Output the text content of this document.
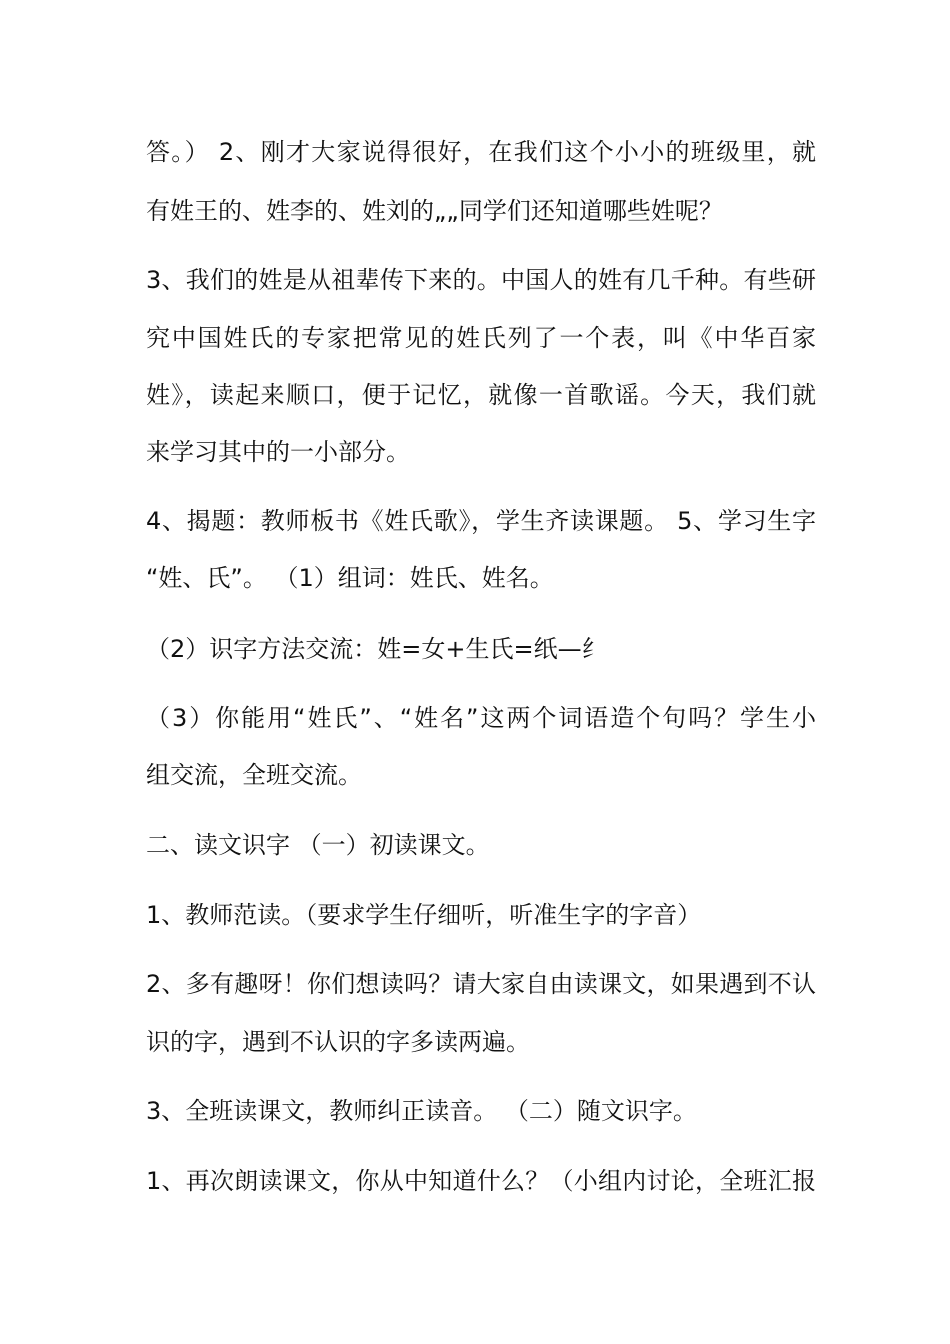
答。） 2、刚才大家说得很好，在我们这个小小的班级里，就
有姓王的、姓李的、姓刘的„„同学们还知道哪些姓呢？
3、我们的姓是从祖辈传下来的。中国人的姓有几千种。有些研
究中国姓氏的专家把常见的姓氏列了一个表，叫《中华百家
姓》，读起来顺口，便于记忆，就像一首歌谣。今天，我们就
来学习其中的一小部分。
4、揭题：教师板书《姓氏歌》，学生齐读课题。 5、学习生字
“姓、氏”。 （1）组词：姓氏、姓名。
（2）识字方法交流：姓=女+生氏=纸—纟
（3）你能用“姓氏”、“姓名”这两个词语造个句吗？学生小
组交流，全班交流。
二、读文识字 （一）初读课文。
1、教师范读。（要求学生仔细听，听准生字的字音）
2、多有趣呀！你们想读吗？请大家自由读课文，如果遇到不认
识的字，遇到不认识的字多读两遍。
3、全班读课文，教师纠正读音。 （二）随文识字。
1、再次朗读课文，你从中知道什么？（小组内讨论，全班汇报
